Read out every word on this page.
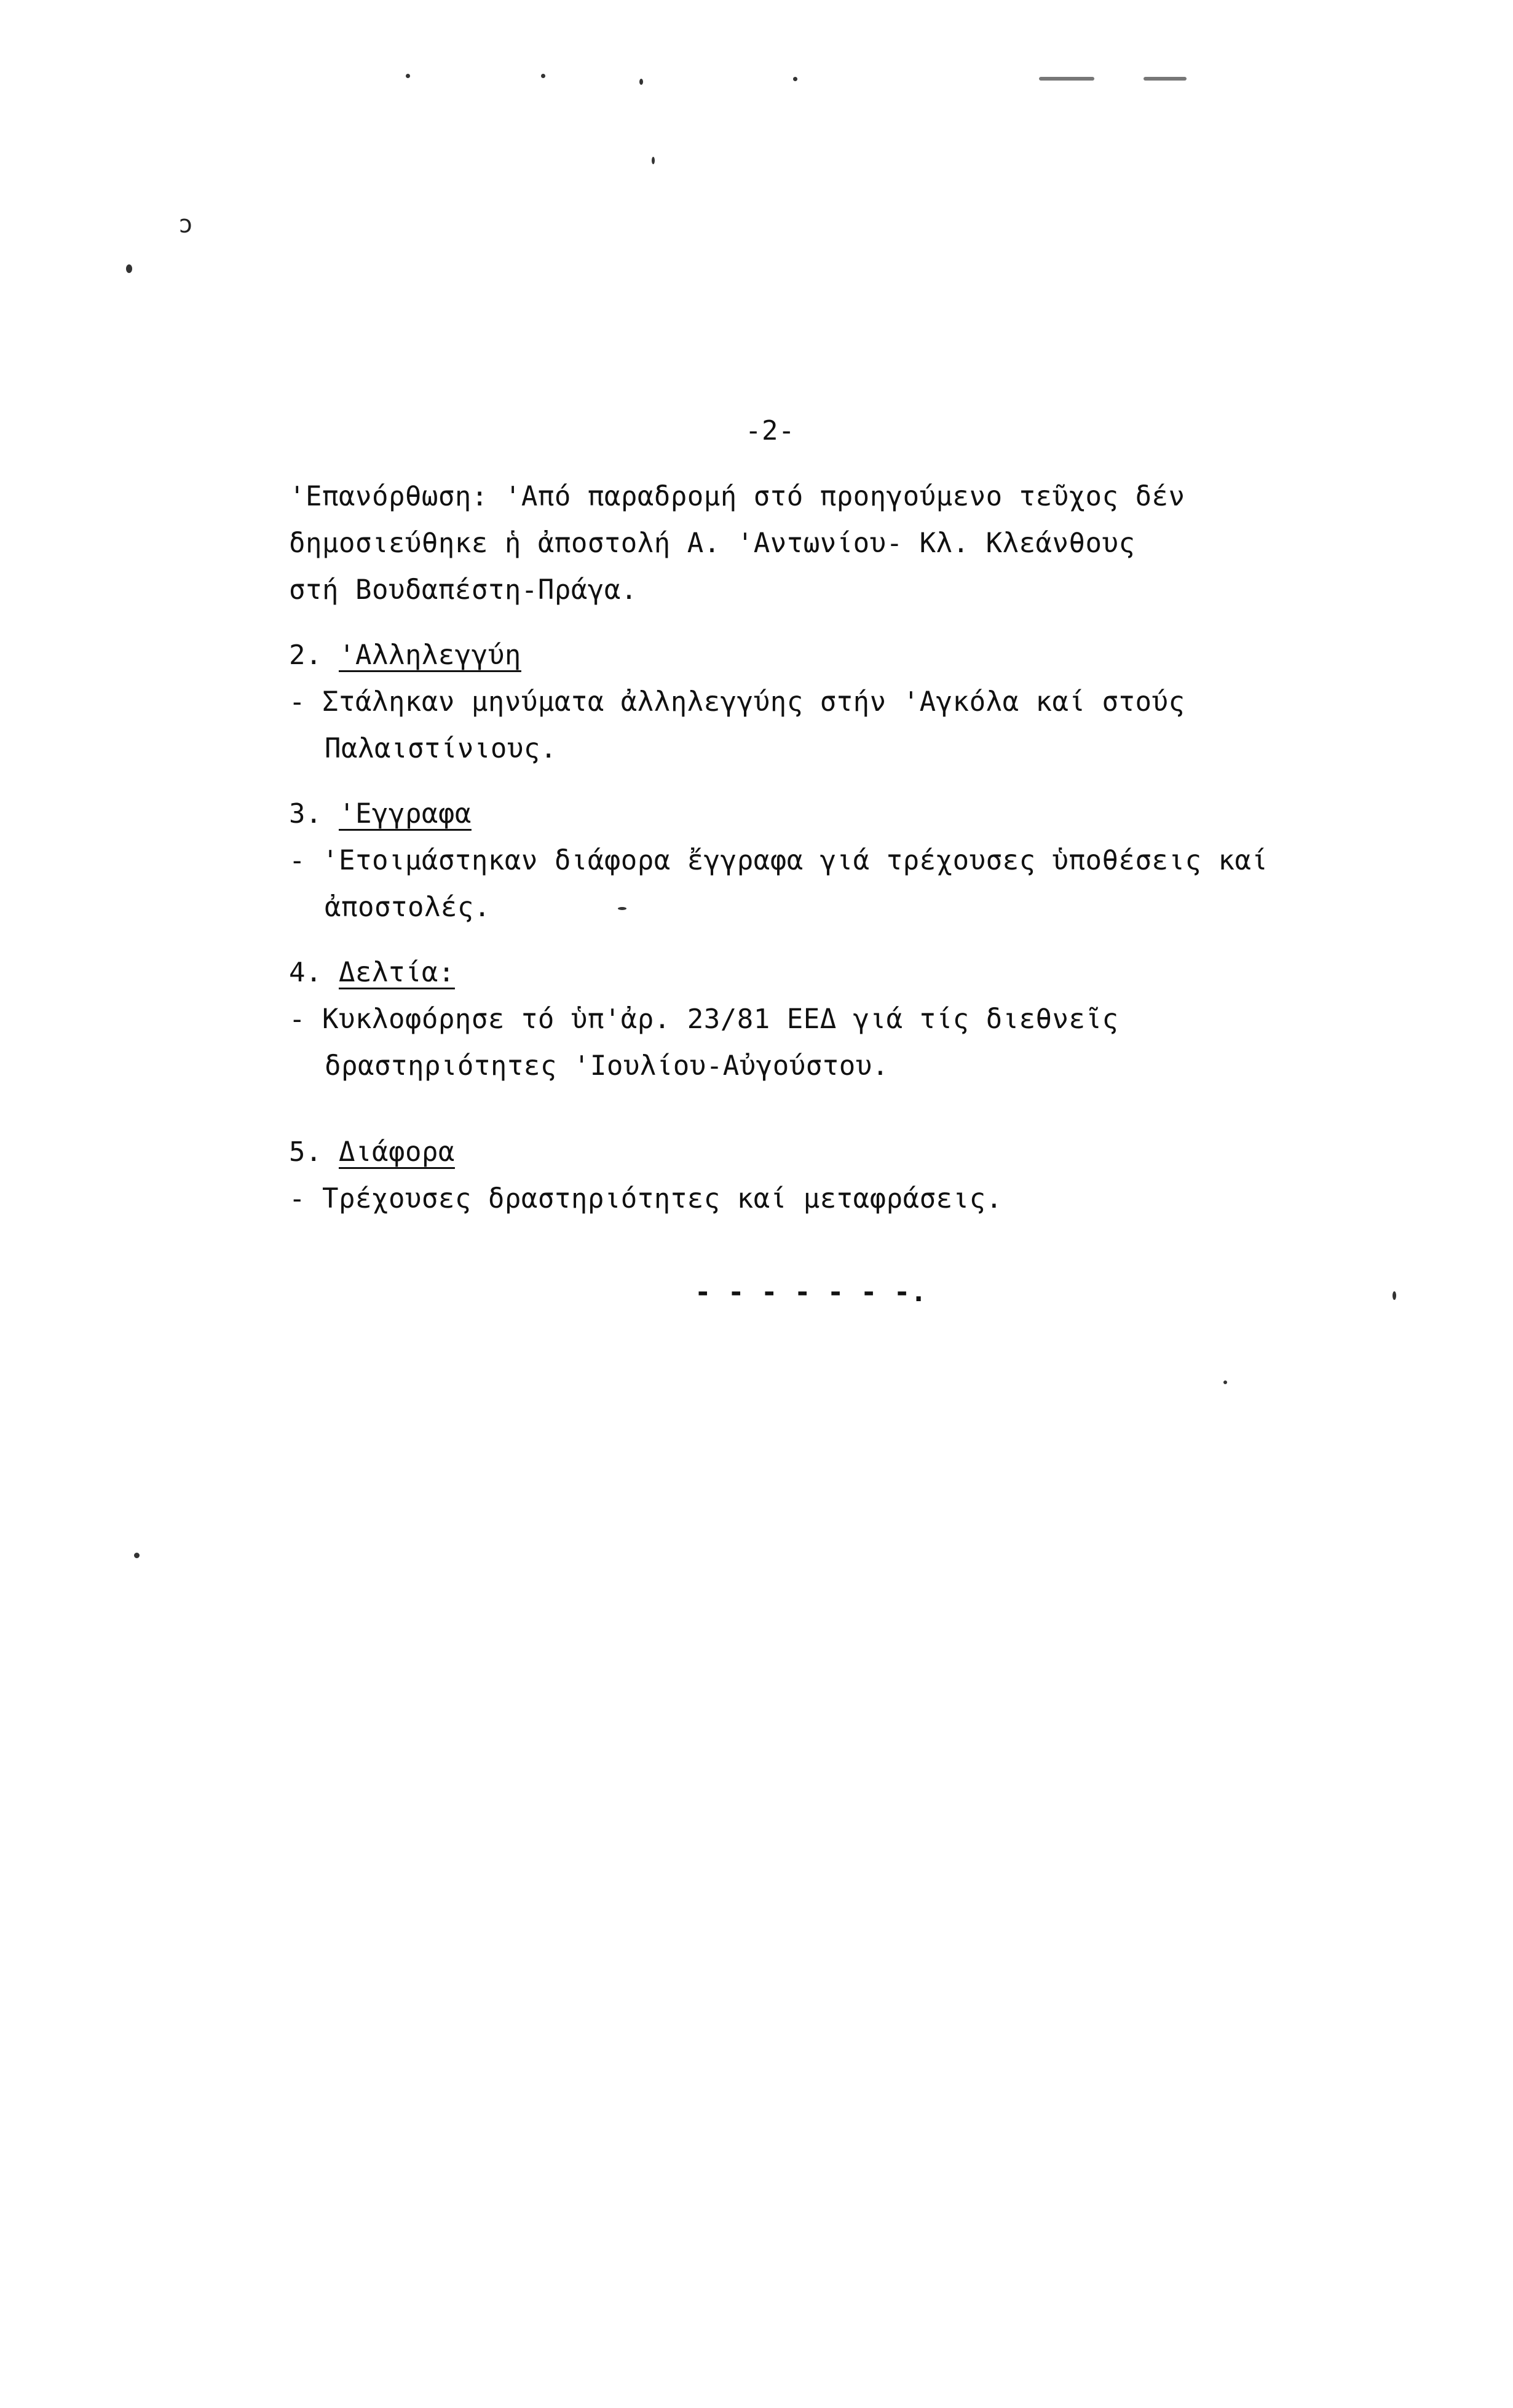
ɔ
-2-
'Επανόρθωση: 'Από παραδρομή στό προηγούμενο τεῦχος δέν
δημοσιεύθηκε ἡ ἀποστολή Α. 'Αντωνίου- Κλ. Κλεάνθους
στή Βουδαπέστη-Πράγα.
2. 'Αλληλεγγύη
- Στάληκαν μηνύματα ἀλληλεγγύης στήν 'Αγκόλα καί στούς
Παλαιστίνιους.
3. 'Εγγραφα
- 'Ετοιμάστηκαν διάφορα ἔγγραφα γιά τρέχουσες ὑποθέσεις καί
ἀποστολές.
4. Δελτία:
- Κυκλοφόρησε τό ὑπ'ἀρ. 23/81 ΕΕΔ γιά τίς διεθνεῖς
δραστηριότητες 'Ιουλίου-Αὐγούστου.
5. Διάφορα
- Τρέχουσες δραστηριότητες καί μεταφράσεις.
- - - - - - -.
